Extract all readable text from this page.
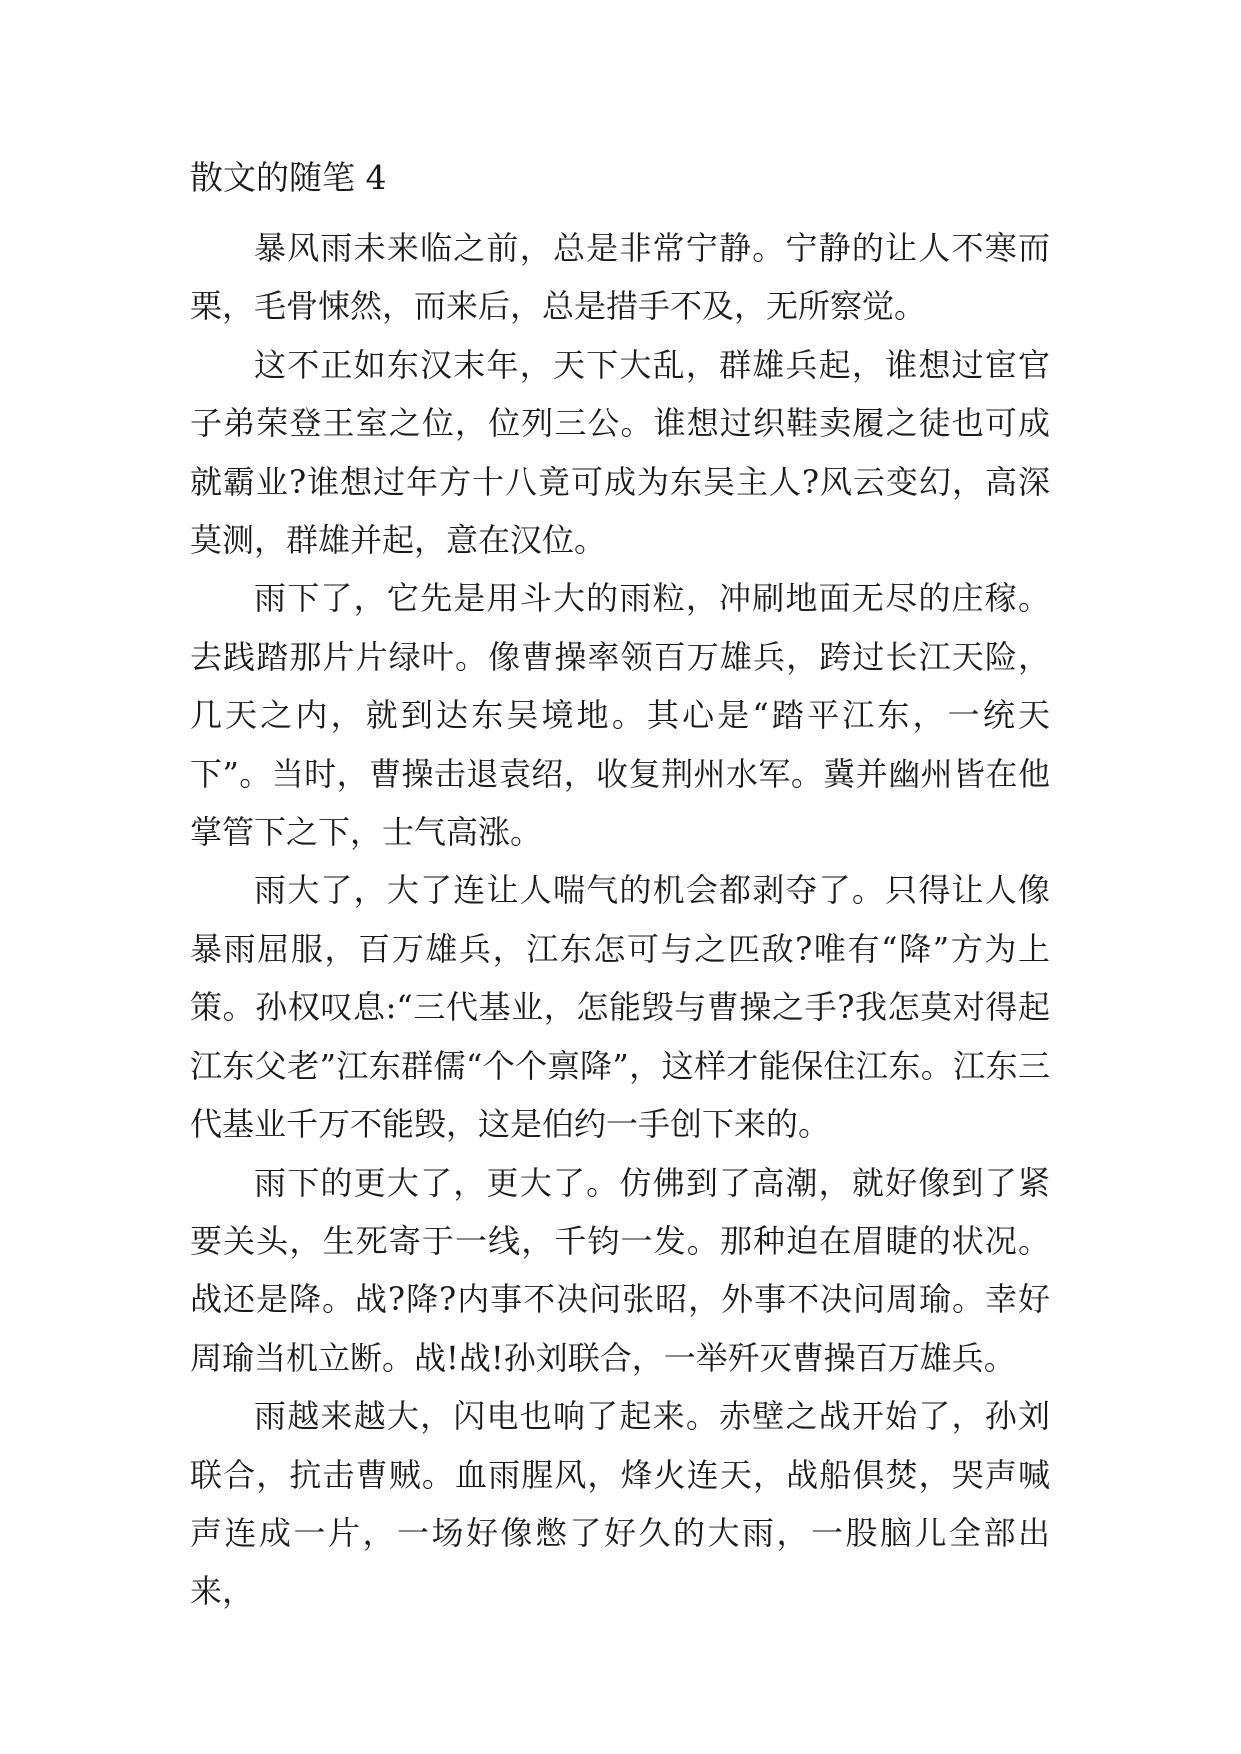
散文的随笔 4

暴风雨未来临之前，总是非常宁静。宁静的让人不寒而栗，毛骨悚然，而来后，总是措手不及，无所察觉。

这不正如东汉末年，天下大乱，群雄兵起，谁想过宦官子弟荣登王室之位，位列三公。谁想过织鞋卖履之徒也可成就霸业?谁想过年方十八竟可成为东吴主人?风云变幻，高深莫测，群雄并起，意在汉位。

雨下了，它先是用斗大的雨粒，冲刷地面无尽的庄稼。去践踏那片片绿叶。像曹操率领百万雄兵，跨过长江天险，几天之内，就到达东吴境地。其心是“踏平江东，一统天下”。当时，曹操击退袁绍，收复荆州水军。冀并幽州皆在他掌管下之下，士气高涨。

雨大了，大了连让人喘气的机会都剥夺了。只得让人像暴雨屈服，百万雄兵，江东怎可与之匹敌?唯有“降”方为上策。孙权叹息:“三代基业，怎能毁与曹操之手?我怎莫对得起江东父老”江东群儒“个个禀降”，这样才能保住江东。江东三代基业千万不能毁，这是伯约一手创下来的。

雨下的更大了，更大了。仿佛到了高潮，就好像到了紧要关头，生死寄于一线，千钧一发。那种迫在眉睫的状况。战还是降。战?降?内事不决问张昭，外事不决问周瑜。幸好周瑜当机立断。战!战!孙刘联合，一举歼灭曹操百万雄兵。

雨越来越大，闪电也响了起来。赤壁之战开始了，孙刘联合，抗击曹贼。血雨腥风，烽火连天，战船俱焚，哭声喊声连成一片，一场好像憋了好久的大雨，一股脑儿全部出来，
